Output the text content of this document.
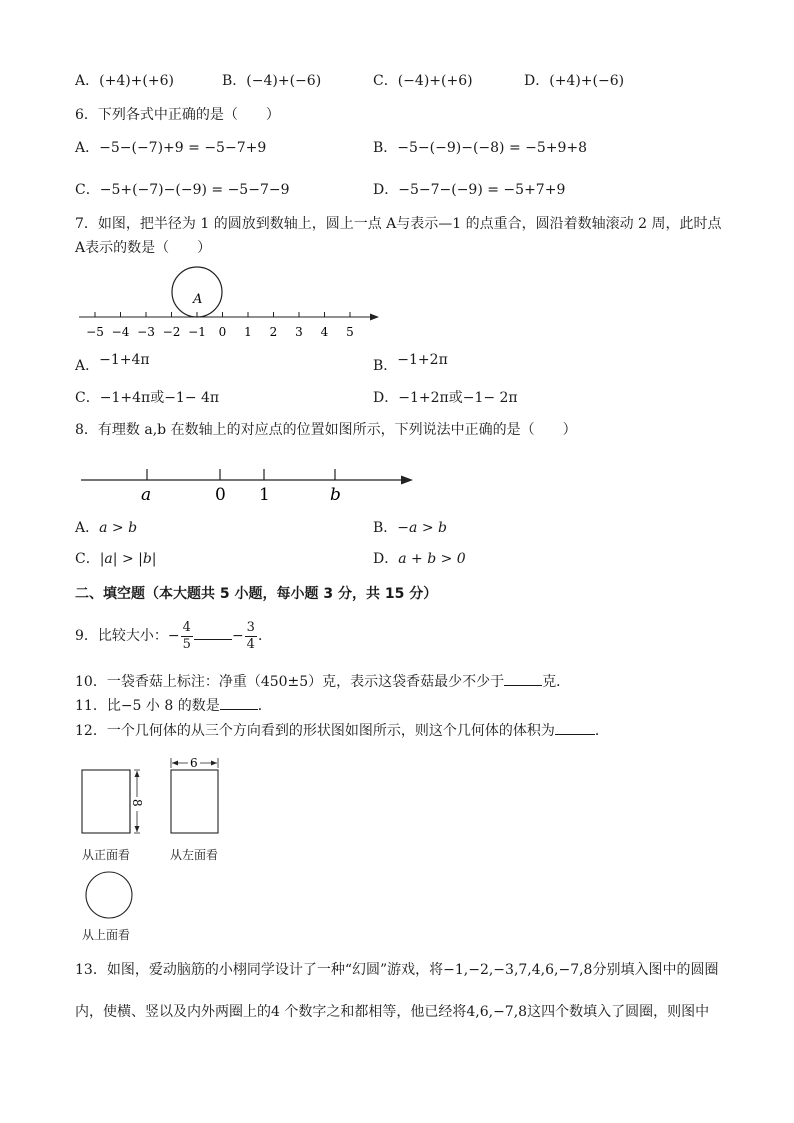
A．(+4)+(+6)	B．(−4)+(−6)	C．(−4)+(+6)	D．(+4)+(−6)
6．下列各式中正确的是（　　）
A．−5−(−7)+9 = −5−7+9	B．−5−(−9)−(−8) = −5+9+8
C．−5+(−7)−(−9) = −5−7−9	D．−5−7−(−9) = −5+7+9
7．如图，把半径为 1 的圆放到数轴上，圆上一点 A与表示—1 的点重合，圆沿着数轴滚动 2 周，此时点
A表示的数是（　　）
A
−5 −4 −3 −2 −1 0 1 2 3 4 5
A．−1+4π	B．−1+2π
C．−1+4π或−1− 4π	D．−1+2π或−1− 2π
8．有理数 a,b 在数轴上的对应点的位置如图所示，下列说法中正确的是（　　）
a	0 1	b
A．a > b	B．−a > b
C．|a| > |b|	D．a + b > 0
二、填空题（本大题共 5 小题，每小题 3 分，共 15 分）
9．比较大小：− $\frac{4}{5}$	− $\frac{3}{4}$ ．
10．一袋香菇上标注：净重（450±5）克，表示这袋香菇最少不少于	克．
11．比−5 小 8 的数是	．
12．一个几何体的从三个方向看到的形状图如图所示，则这个几何体的体积为	．
8
6
从正面看	从左面看
从上面看
13．如图，爱动脑筋的小栩同学设计了一种“幻圆”游戏，将−1,−2,−3,7,4,6,−7,8分别填入图中的圆圈
内，使横、竖以及内外两圈上的4 个数字之和都相等，他已经将4,6,−7,8这四个数填入了圆圈，则图中
